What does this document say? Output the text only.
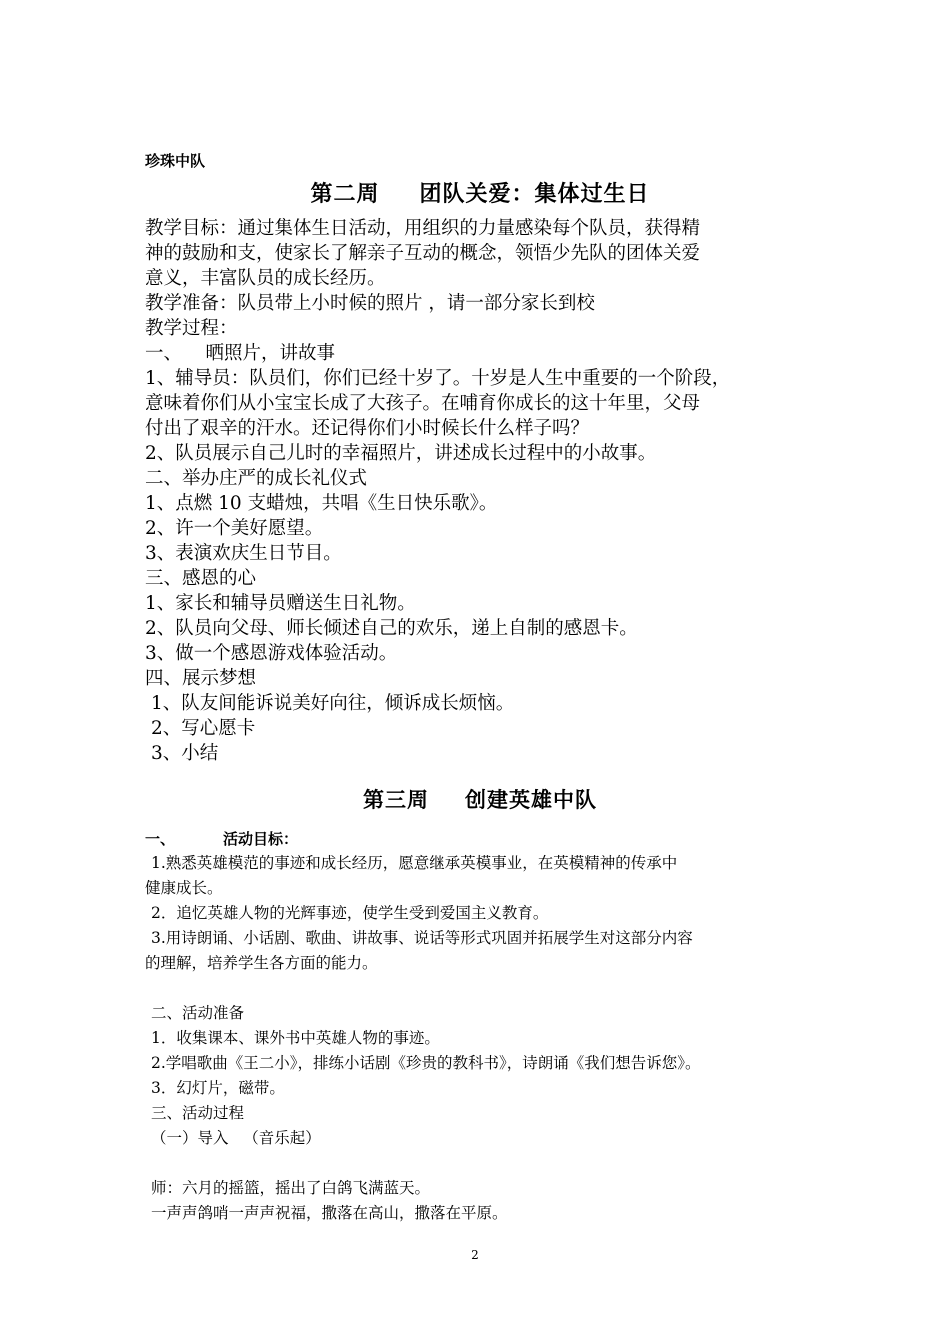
珍珠中队
第二周 团队关爱：集体过生日

教学目标：通过集体生日活动，用组织的力量感染每个队员，获得精

神的鼓励和支，使家长了解亲子互动的概念，领悟少先队的团体关爱

意义，丰富队员的成长经历。

教学准备：队员带上小时候的照片 ，请一部分家长到校

教学过程：

一、    晒照片，讲故事

1、辅导员：队员们，你们已经十岁了。十岁是人生中重要的一个阶段，

意味着你们从小宝宝长成了大孩子。在哺育你成长的这十年里，父母

付出了艰辛的汗水。还记得你们小时候长什么样子吗？

2、队员展示自己儿时的幸福照片，讲述成长过程中的小故事。

二、举办庄严的成长礼仪式

1、点燃 10 支蜡烛，共唱《生日快乐歌》。

2、许一个美好愿望。

3、表演欢庆生日节目。

三、感恩的心

1、家长和辅导员赠送生日礼物。

2、队员向父母、师长倾述自己的欢乐，递上自制的感恩卡。

3、做一个感恩游戏体验活动。

四、展示梦想

1、队友间能诉说美好向往，倾诉成长烦恼。

2、写心愿卡

3、小结

第三周 创建英雄中队
一、	活动目标：

1.熟悉英雄模范的事迹和成长经历，愿意继承英模事业，在英模精神的传承中

健康成长。

2．追忆英雄人物的光辉事迹，使学生受到爱国主义教育。

3.用诗朗诵、小话剧、歌曲、讲故事、说话等形式巩固并拓展学生对这部分内容

的理解，培养学生各方面的能力。

二、活动准备

1．收集课本、课外书中英雄人物的事迹。

2.学唱歌曲《王二小》，排练小话剧《珍贵的教科书》，诗朗诵《我们想告诉您》。

3．幻灯片，磁带。

三、活动过程

（一）导入   （音乐起）

师：六月的摇篮，摇出了白鸽飞满蓝天。

一声声鸽哨一声声祝福，撒落在高山，撒落在平原。

2
